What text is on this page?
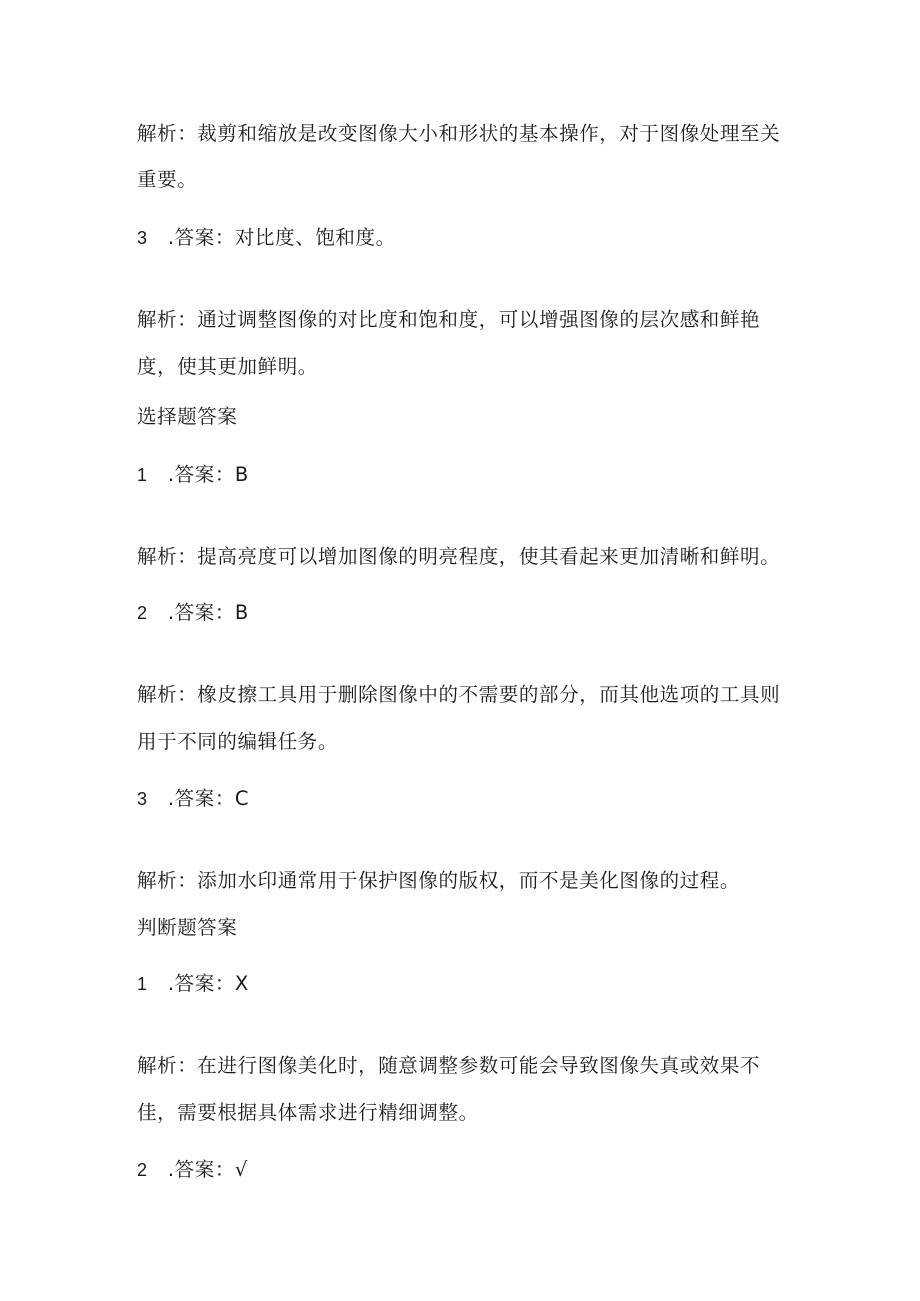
解析：裁剪和缩放是改变图像大小和形状的基本操作，对于图像处理至关
重要。
3 .答案：对比度、饱和度。
解析：通过调整图像的对比度和饱和度，可以增强图像的层次感和鲜艳
度，使其更加鲜明。
选择题答案
1 .答案：B
解析：提高亮度可以增加图像的明亮程度，使其看起来更加清晰和鲜明。
2 .答案：B
解析：橡皮擦工具用于删除图像中的不需要的部分，而其他选项的工具则
用于不同的编辑任务。
3 .答案：C
解析：添加水印通常用于保护图像的版权，而不是美化图像的过程。
判断题答案
1 .答案：X
解析：在进行图像美化时，随意调整参数可能会导致图像失真或效果不
佳，需要根据具体需求进行精细调整。
2 .答案：√
